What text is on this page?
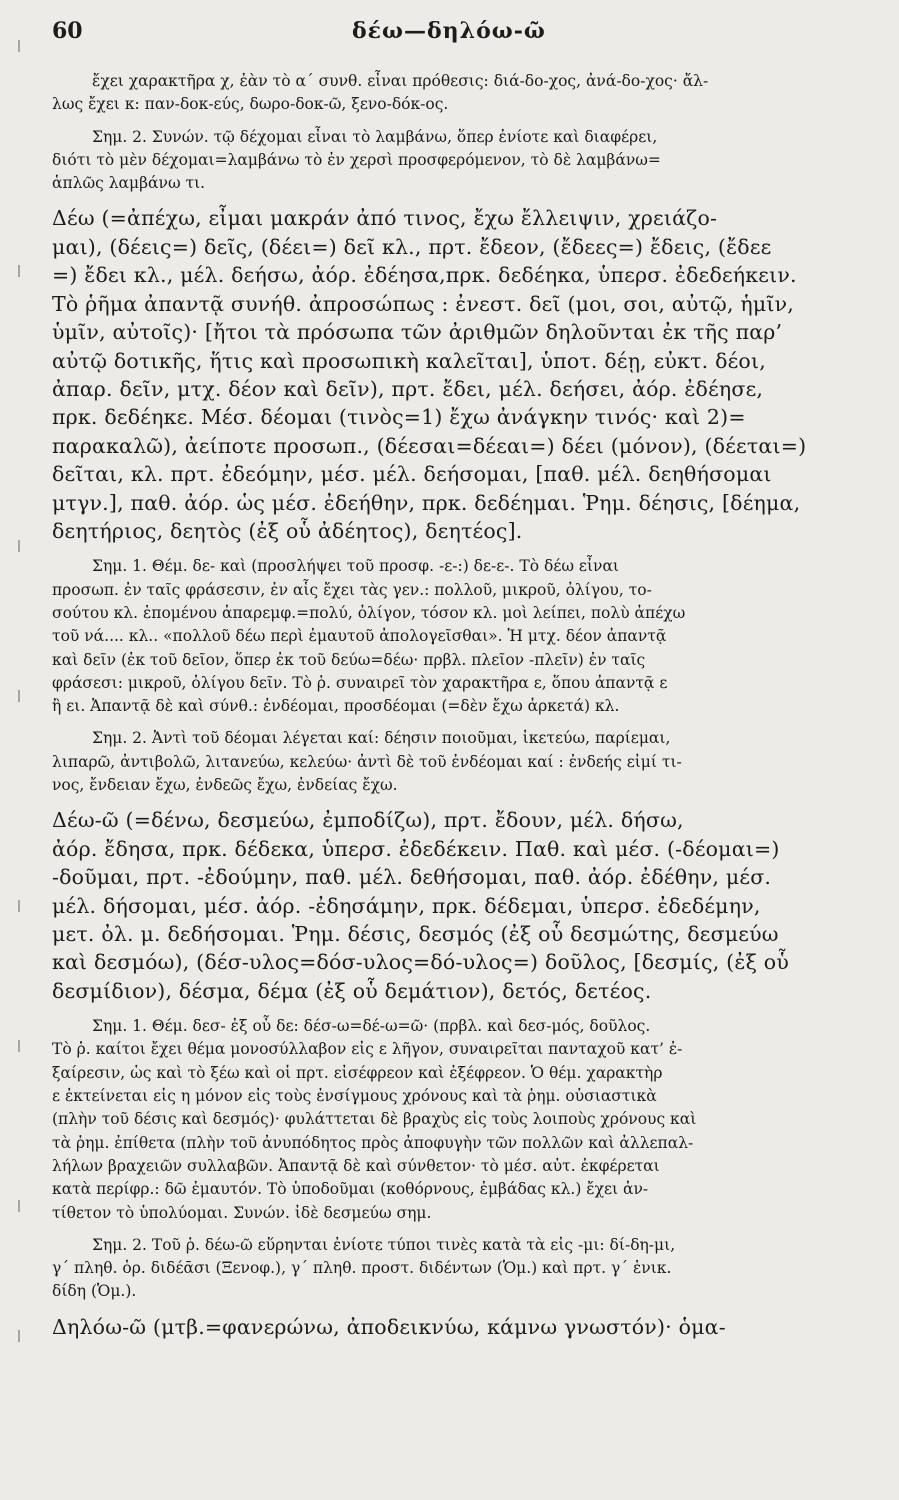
60	δέω—δηλόω-ῶ
ἔχει χαρακτῆρα χ, ἐὰν τὸ α΄ συνθ. εἶναι πρόθεσις: διά-δο-χος, ἀνά-δο-χος· ἄλ-
λως ἔχει κ: παν-δοκ-εύς, δωρο-δοκ-ῶ, ξενο-δόκ-ος.
Σημ. 2. Συνών. τῷ δέχομαι εἶναι τὸ λαμβάνω, ὅπερ ἐνίοτε καὶ διαφέρει,
διότι τὸ μὲν δέχομαι=λαμβάνω τὸ ἐν χερσὶ προσφερόμενον, τὸ δὲ λαμβάνω=
ἁπλῶς λαμβάνω τι.
Δέω (=ἀπέχω, εἶμαι μακράν ἀπό τινος, ἔχω ἔλλειψιν, χρειάζο-
μαι), (δέεις=) δεῖς, (δέει=) δεῖ κλ., πρτ. ἔδεον, (ἔδεες=) ἔδεις, (ἔδεε
=) ἔδει κλ., μέλ. δεήσω, ἀόρ. ἐδέησα,πρκ. δεδέηκα, ὑπερσ. ἐδεδεήκειν.
Τὸ ῥῆμα ἀπαντᾷ συνήθ. ἀπροσώπως : ἐνεστ. δεῖ (μοι, σοι, αὐτῷ, ἡμῖν,
ὑμῖν, αὐτοῖς)· [ἤτοι τὰ πρόσωπα τῶν ἀριθμῶν δηλοῦνται ἐκ τῆς παρ’
αὐτῷ δοτικῆς, ἥτις καὶ προσωπικὴ καλεῖται], ὑποτ. δέῃ, εὐκτ. δέοι,
ἀπαρ. δεῖν, μτχ. δέον καὶ δεῖν), πρτ. ἔδει, μέλ. δεήσει, ἀόρ. ἐδέησε,
πρκ. δεδέηκε. Μέσ. δέομαι (τινὸς=1) ἔχω ἀνάγκην τινός· καὶ 2)=
παρακαλῶ), ἀείποτε προσωπ., (δέεσαι=δέεαι=) δέει (μόνον), (δέεται=)
δεῖται, κλ. πρτ. ἐδεόμην, μέσ. μέλ. δεήσομαι, [παθ. μέλ. δεηθήσομαι
μτγν.], παθ. ἀόρ. ὡς μέσ. ἐδεήθην, πρκ. δεδέημαι. Ῥημ. δέησις, [δέημα,
δεητήριος, δεητὸς (ἐξ οὗ ἀδέητος), δεητέος].
Σημ. 1. Θέμ. δε- καὶ (προσλήψει τοῦ προσφ. -ε-:) δε-ε-. Τὸ δέω εἶναι
προσωπ. ἐν ταῖς φράσεσιν, ἐν αἷς ἔχει τὰς γεν.: πολλοῦ, μικροῦ, ὀλίγου, το-
σούτου κλ. ἑπομένου ἀπαρεμφ.=πολύ, ὀλίγον, τόσον κλ. μοὶ λείπει, πολὺ ἀπέχω
τοῦ νά.... κλ.. «πολλοῦ δέω περὶ ἐμαυτοῦ ἀπολογεῖσθαι». Ἡ μτχ. δέον ἀπαντᾷ
καὶ δεῖν (ἐκ τοῦ δεῖον, ὅπερ ἐκ τοῦ δεύω=δέω· πρβλ. πλεῖον -πλεῖν) ἐν ταῖς
φράσεσι: μικροῦ, ὀλίγου δεῖν. Τὸ ῥ. συναιρεῖ τὸν χαρακτῆρα ε, ὅπου ἀπαντᾷ ε
ἢ ει. Ἀπαντᾷ δὲ καὶ σύνθ.: ἐνδέομαι, προσδέομαι (=δὲν ἔχω ἀρκετά) κλ.
Σημ. 2. Ἀντὶ τοῦ δέομαι λέγεται καί: δέησιν ποιοῦμαι, ἱκετεύω, παρίεμαι,
λιπαρῶ, ἀντιβολῶ, λιτανεύω, κελεύω· ἀντὶ δὲ τοῦ ἐνδέομαι καί : ἐνδεής εἰμί τι-
νος, ἔνδειαν ἔχω, ἐνδεῶς ἔχω, ἐνδείας ἔχω.
Δέω-ῶ (=δένω, δεσμεύω, ἐμποδίζω), πρτ. ἔδουν, μέλ. δήσω,
ἀόρ. ἔδησα, πρκ. δέδεκα, ὑπερσ. ἐδεδέκειν. Παθ. καὶ μέσ. (-δέομαι=)
-δοῦμαι, πρτ. -ἐδούμην, παθ. μέλ. δεθήσομαι, παθ. ἀόρ. ἐδέθην, μέσ.
μέλ. δήσομαι, μέσ. ἀόρ. -ἐδησάμην, πρκ. δέδεμαι, ὑπερσ. ἐδεδέμην,
μετ. ὀλ. μ. δεδήσομαι. Ῥημ. δέσις, δεσμός (ἐξ οὗ δεσμώτης, δεσμεύω
καὶ δεσμόω), (δέσ-υλος=δόσ-υλος=δό-υλος=) δοῦλος, [δεσμίς, (ἐξ οὗ
δεσμίδιον), δέσμα, δέμα (ἐξ οὗ δεμάτιον), δετός, δετέος.
Σημ. 1. Θέμ. δεσ- ἐξ οὗ δε: δέσ-ω=δέ-ω=ῶ· (πρβλ. καὶ δεσ-μός, δοῦλος.
Τὸ ῥ. καίτοι ἔχει θέμα μονοσύλλαβον εἰς ε λῆγον, συναιρεῖται πανταχοῦ κατ’ ἐ-
ξαίρεσιν, ὡς καὶ τὸ ξέω καὶ οἱ πρτ. εἰσέφρεον καὶ ἐξέφρεον. Ὁ θέμ. χαρακτὴρ
ε ἐκτείνεται εἰς η μόνον εἰς τοὺς ἐνσίγμους χρόνους καὶ τὰ ῥημ. οὐσιαστικὰ
(πλὴν τοῦ δέσις καὶ δεσμός)· φυλάττεται δὲ βραχὺς εἰς τοὺς λοιποὺς χρόνους καὶ
τὰ ῥημ. ἐπίθετα (πλὴν τοῦ ἀνυπόδητος πρὸς ἀποφυγὴν τῶν πολλῶν καὶ ἀλλεπαλ-
λήλων βραχειῶν συλλαβῶν. Ἀπαντᾷ δὲ καὶ σύνθετον· τὸ μέσ. αὐτ. ἐκφέρεται
κατὰ περίφρ.: δῶ ἐμαυτόν. Τὸ ὑποδοῦμαι (κοθόρνους, ἐμβάδας κλ.) ἔχει ἀν-
τίθετον τὸ ὑπολύομαι. Συνών. ἰδὲ δεσμεύω σημ.
Σημ. 2. Τοῦ ῥ. δέω-ῶ εὕρηνται ἐνίοτε τύποι τινὲς κατὰ τὰ εἰς -μι: δί-δη-μι,
γ΄ πληθ. ὁρ. διδέᾱσι (Ξενοφ.), γ΄ πληθ. προστ. διδέντων (Ὁμ.) καὶ πρτ. γ΄ ἑνικ.
δίδη (Ὁμ.).
Δηλόω-ῶ (μτβ.=φανερώνω, ἀποδεικνύω, κάμνω γνωστόν)· ὁμα-
